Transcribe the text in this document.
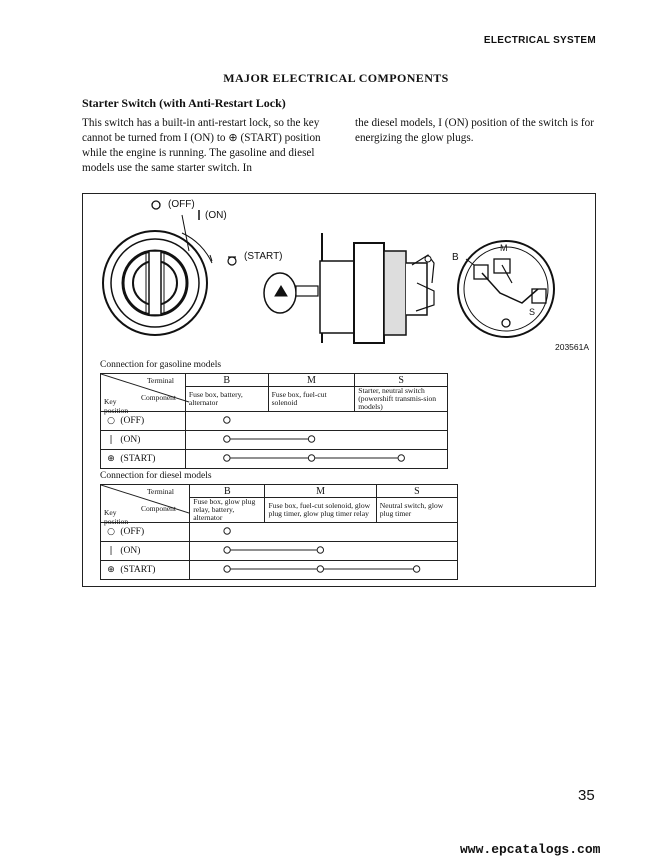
ELECTRICAL SYSTEM
MAJOR ELECTRICAL COMPONENTS
Starter Switch (with Anti-Restart Lock)
This switch has a built-in anti-restart lock, so the key cannot be turned from I (ON) to ⊕ (START) position while the engine is running. The gasoline and diesel models use the same starter switch. In
the diesel models, I (ON) position of the switch is for energizing the glow plugs.
(OFF)
(ON)
(START)	B
M
S
203561A
Connection for gasoline models
Terminal
Component
Key
position	B	M	S
	Fuse box, battery, alternator	Fuse box, fuel-cut solenoid	Starter, neutral switch (powershift transmis-sion models)
○ (OFF)	
| (ON)	
⊕ (START)	
Connection for diesel models
Terminal
Component
Key
position	B	M	S
	Fuse box, glow plug relay, battery, alternator	Fuse box, fuel-cut solenoid, glow plug timer, glow plug timer relay	Neutral switch, glow plug timer
○ (OFF)	
| (ON)	
⊕ (START)	
35
www.epcatalogs.com
